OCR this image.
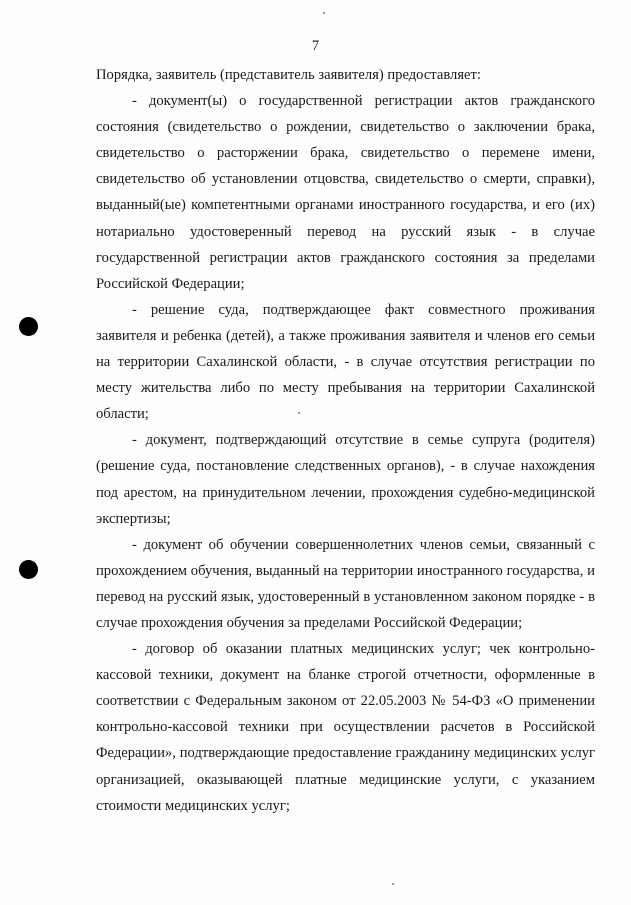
7

Порядка, заявитель (представитель заявителя) предоставляет:

- документ(ы) о государственной регистрации актов гражданского состояния (свидетельство о рождении, свидетельство о заключении брака, свидетельство о расторжении брака, свидетельство о перемене имени, свидетельство об установлении отцовства, свидетельство о смерти, справки), выданный(ые) компетентными органами иностранного государства, и его (их) нотариально удостоверенный перевод на русский язык - в случае государственной регистрации актов гражданского состояния за пределами Российской Федерации;

- решение суда, подтверждающее факт совместного проживания заявителя и ребенка (детей), а также проживания заявителя и членов его семьи на территории Сахалинской области, - в случае отсутствия регистрации по месту жительства либо по месту пребывания на территории Сахалинской области;

- документ, подтверждающий отсутствие в семье супруга (родителя) (решение суда, постановление следственных органов), - в случае нахождения под арестом, на принудительном лечении, прохождения судебно-медицинской экспертизы;

- документ об обучении совершеннолетних членов семьи, связанный с прохождением обучения, выданный на территории иностранного государства, и перевод на русский язык, удостоверенный в установленном законом порядке - в случае прохождения обучения за пределами Российской Федерации;

- договор об оказании платных медицинских услуг; чек контрольно-кассовой техники, документ на бланке строгой отчетности, оформленные в соответствии с Федеральным законом от 22.05.2003 № 54-ФЗ «О применении контрольно-кассовой техники при осуществлении расчетов в Российской Федерации», подтверждающие предоставление гражданину медицинских услуг организацией, оказывающей платные медицинские услуги, с указанием стоимости медицинских услуг;
